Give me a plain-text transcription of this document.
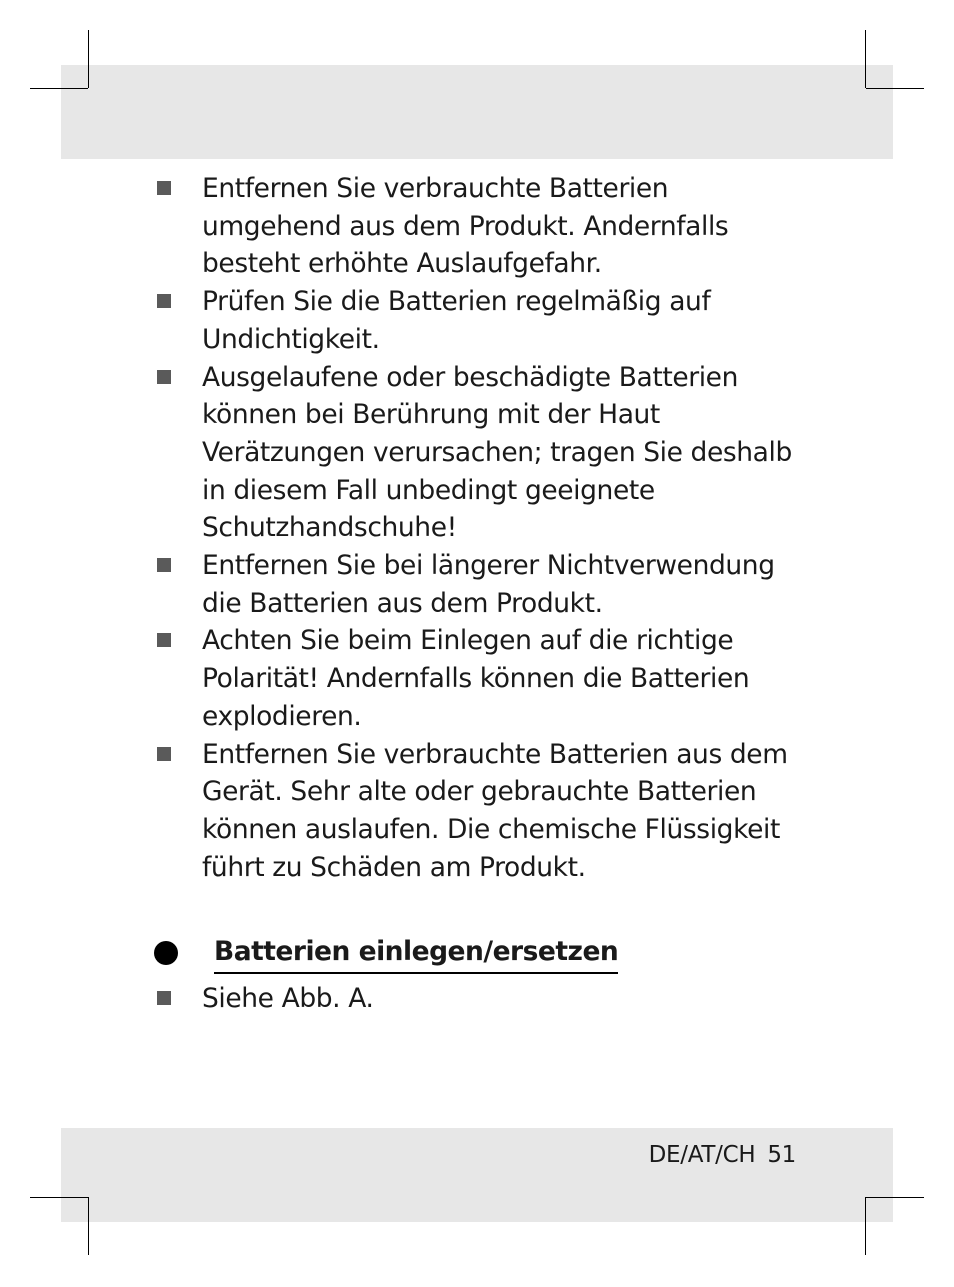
Entfernen Sie verbrauchte Batterien umgehend aus dem Produkt. Andernfalls besteht erhöhte Auslaufgefahr.
Prüfen Sie die Batterien regelmäßig auf Undichtigkeit.
Ausgelaufene oder beschädigte Batterien können bei Berührung mit der Haut Verätzungen verursachen; tragen Sie deshalb in diesem Fall unbedingt geeignete Schutzhandschuhe!
Entfernen Sie bei längerer Nichtverwendung die Batterien aus dem Produkt.
Achten Sie beim Einlegen auf die richtige Polarität! Andernfalls können die Batterien explodieren.
Entfernen Sie verbrauchte Batterien aus dem Gerät. Sehr alte oder gebrauchte Batterien können auslaufen. Die chemische Flüssigkeit führt zu Schäden am Produkt.
Batterien einlegen/ersetzen
Siehe Abb. A.
DE/AT/CH 51
